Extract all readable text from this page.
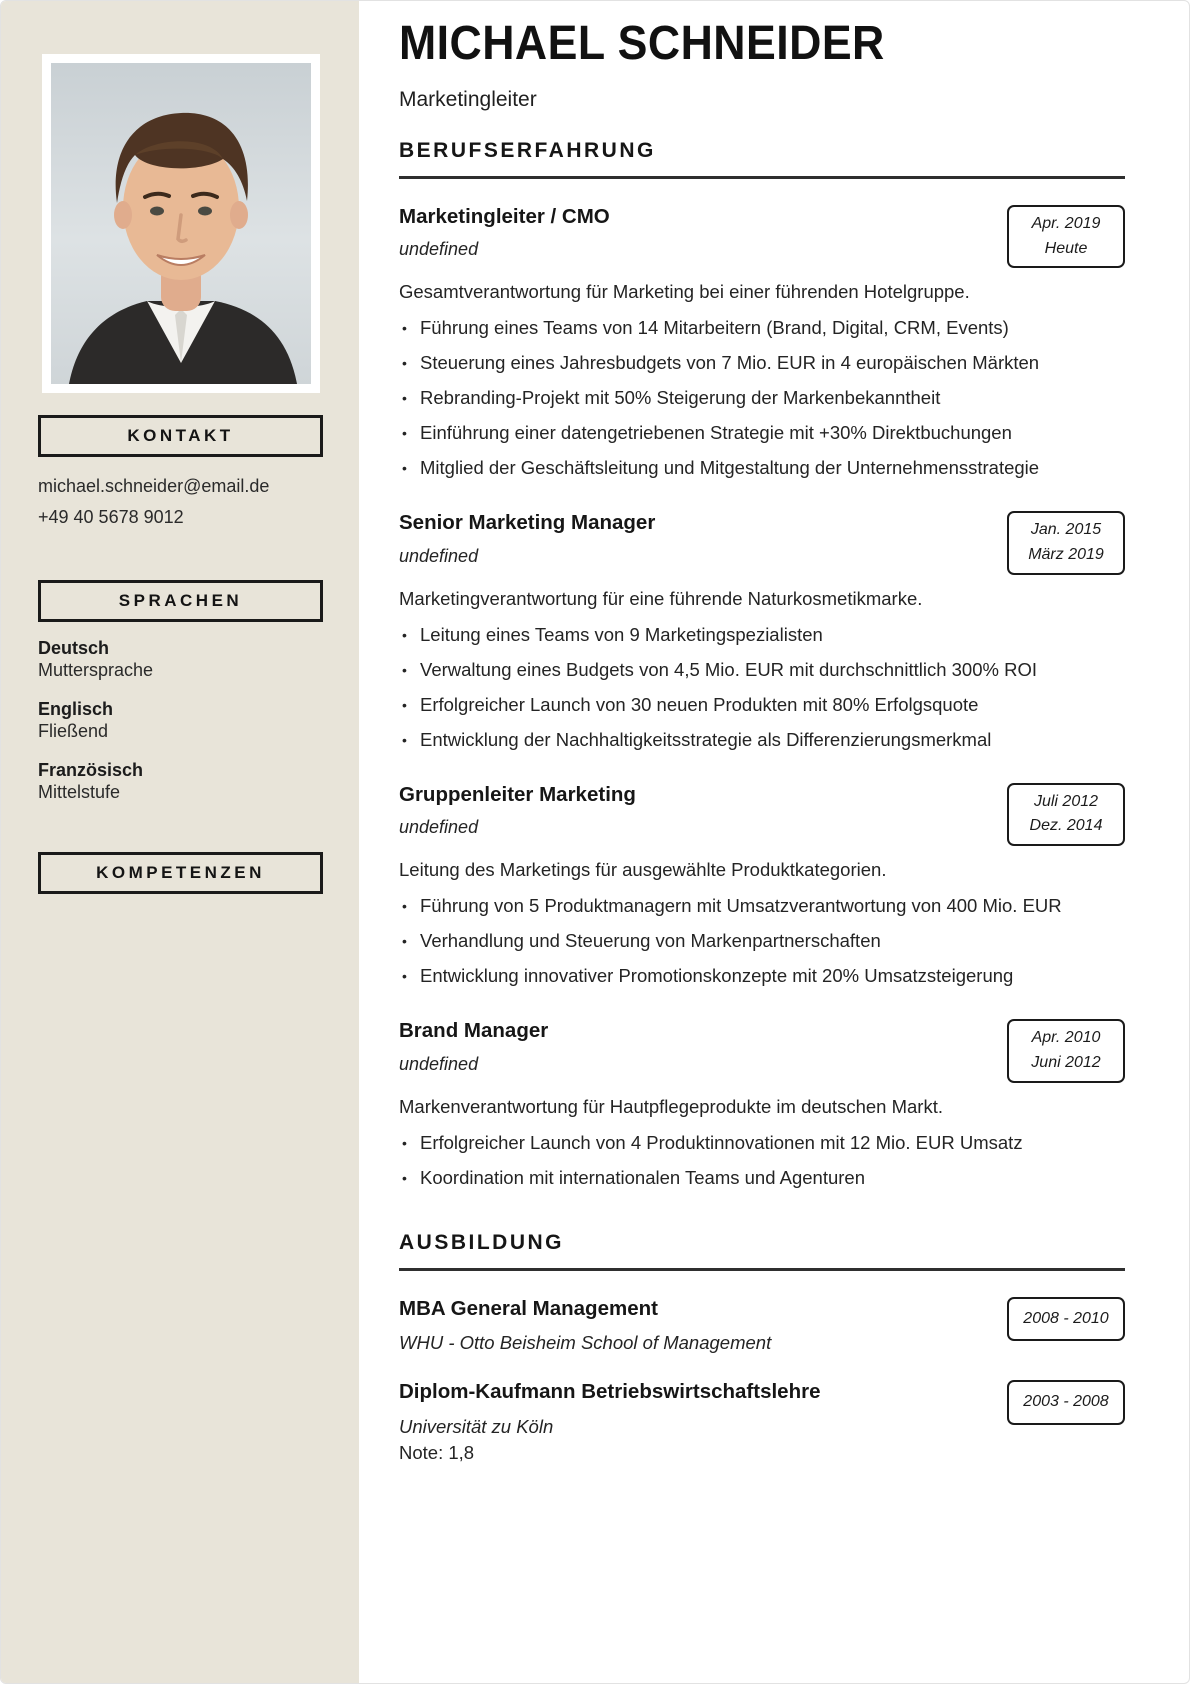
KONTAKT
michael.schneider@email.de
+49 40 5678 9012
SPRACHEN
Deutsch
Muttersprache
Englisch
Fließend
Französisch
Mittelstufe
KOMPETENZEN
MICHAEL SCHNEIDER
Marketingleiter
BERUFSERFAHRUNG
Marketingleiter / CMO
undefined
Apr. 2019
Heute

Gesamtverantwortung für Marketing bei einer führenden Hotelgruppe.

• Führung eines Teams von 14 Mitarbeitern (Brand, Digital, CRM, Events)
• Steuerung eines Jahresbudgets von 7 Mio. EUR in 4 europäischen Märkten
• Rebranding-Projekt mit 50% Steigerung der Markenbekanntheit
• Einführung einer datengetriebenen Strategie mit +30% Direktbuchungen
• Mitglied der Geschäftsleitung und Mitgestaltung der Unternehmensstrategie
Senior Marketing Manager
undefined
Jan. 2015
März 2019

Marketingverantwortung für eine führende Naturkosmetikmarke.

• Leitung eines Teams von 9 Marketingspezialisten
• Verwaltung eines Budgets von 4,5 Mio. EUR mit durchschnittlich 300% ROI
• Erfolgreicher Launch von 30 neuen Produkten mit 80% Erfolgsquote
• Entwicklung der Nachhaltigkeitsstrategie als Differenzierungsmerkmal
Gruppenleiter Marketing
undefined
Juli 2012
Dez. 2014

Leitung des Marketings für ausgewählte Produktkategorien.

• Führung von 5 Produktmanagern mit Umsatzverantwortung von 400 Mio. EUR
• Verhandlung und Steuerung von Markenpartnerschaften
• Entwicklung innovativer Promotionskonzepte mit 20% Umsatzsteigerung
Brand Manager
undefined
Apr. 2010
Juni 2012

Markenverantwortung für Hautpflegeprodukte im deutschen Markt.

• Erfolgreicher Launch von 4 Produktinnovationen mit 12 Mio. EUR Umsatz
• Koordination mit internationalen Teams und Agenturen
AUSBILDUNG
MBA General Management
WHU - Otto Beisheim School of Management
2008 - 2010
Diplom-Kaufmann Betriebswirtschaftslehre
Universität zu Köln
Note: 1,8
2003 - 2008
